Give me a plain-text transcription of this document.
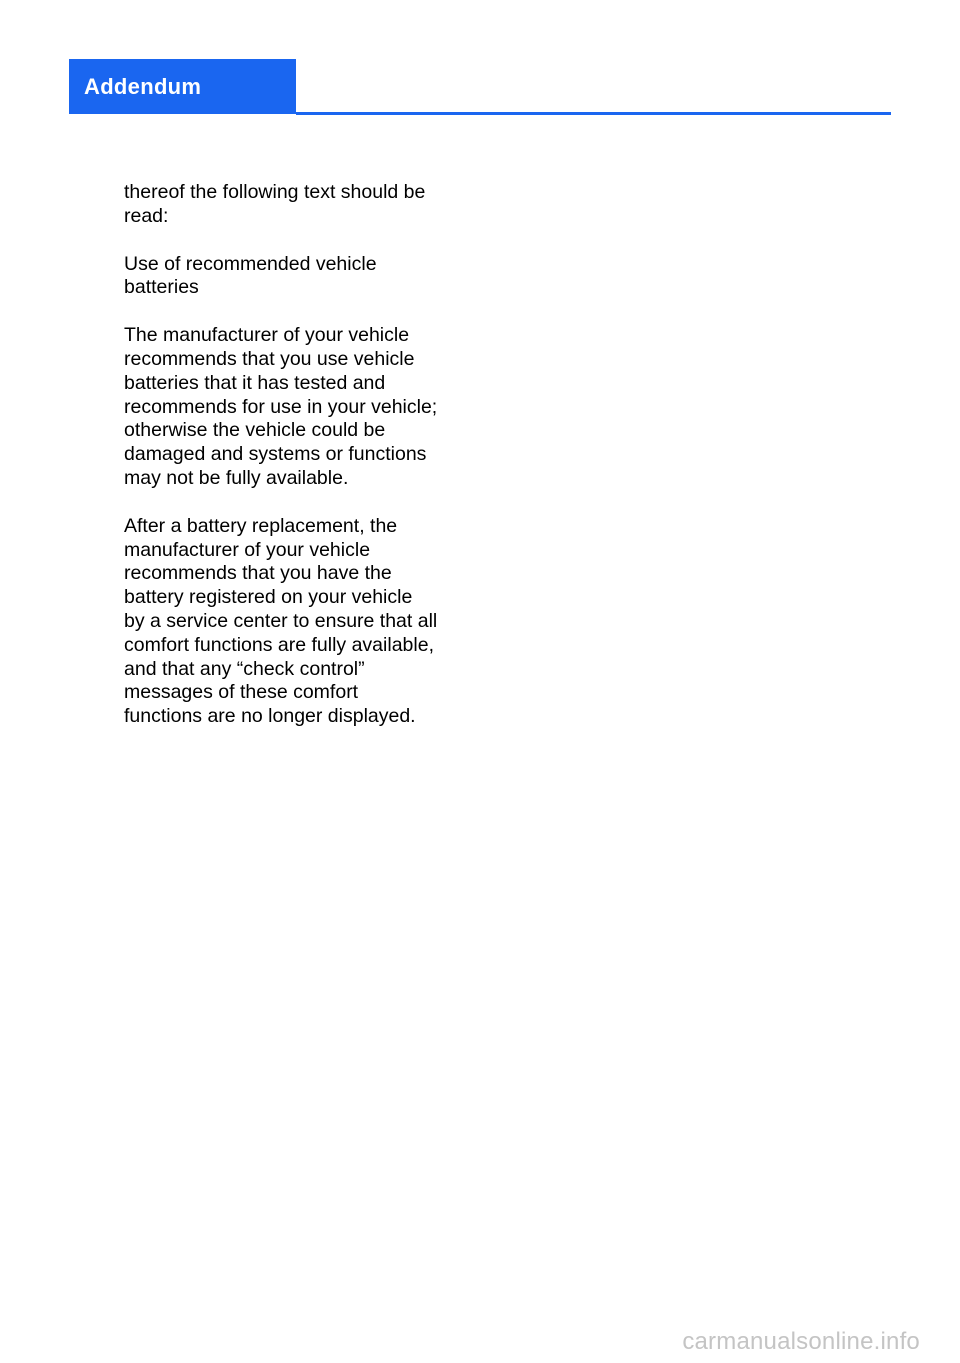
Addendum

thereof the following text should be
read:

Use of recommended vehicle
batteries

The manufacturer of your vehicle
recommends that you use vehicle
batteries that it has tested and
recommends for use in your vehicle;
otherwise the vehicle could be
damaged and systems or functions
may not be fully available.

After a battery replacement, the
manufacturer of your vehicle
recommends that you have the
battery registered on your vehicle
by a service center to ensure that all
comfort functions are fully available,
and that any “check control”
messages of these comfort
functions are no longer displayed.

carmanualsonline.info
